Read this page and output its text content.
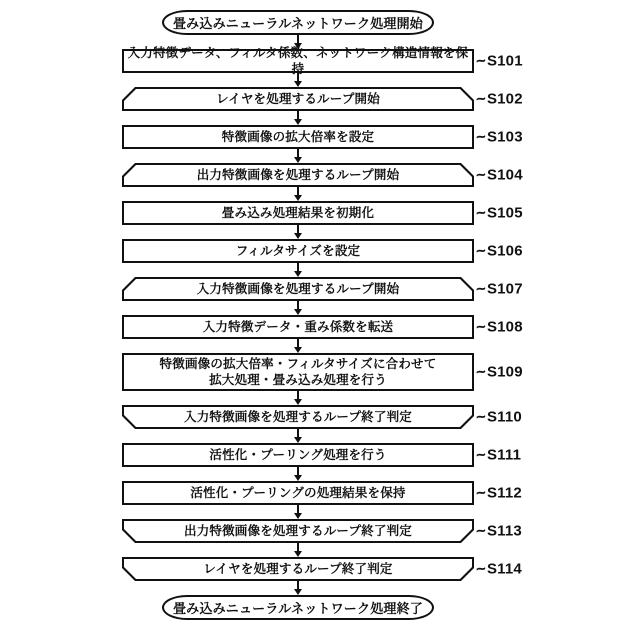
畳み込みニューラルネットワーク処理開始
入力特徴データ、フィルタ係数、ネットワーク構造情報を保持	~ S101
レイヤを処理するループ開始	~ S102
特徴画像の拡大倍率を設定	~ S103
出力特徴画像を処理するループ開始	~ S104
畳み込み処理結果を初期化	~ S105
フィルタサイズを設定	~ S106
入力特徴画像を処理するループ開始	~ S107
入力特徴データ・重み係数を転送	~ S108
特徴画像の拡大倍率・フィルタサイズに合わせて
拡大処理・畳み込み処理を行う	~ S109
入力特徴画像を処理するループ終了判定	~ S110
活性化・プーリング処理を行う	~ S111
活性化・プーリングの処理結果を保持	~ S112
出力特徴画像を処理するループ終了判定	~ S113
レイヤを処理するループ終了判定	~ S114
畳み込みニューラルネットワーク処理終了
